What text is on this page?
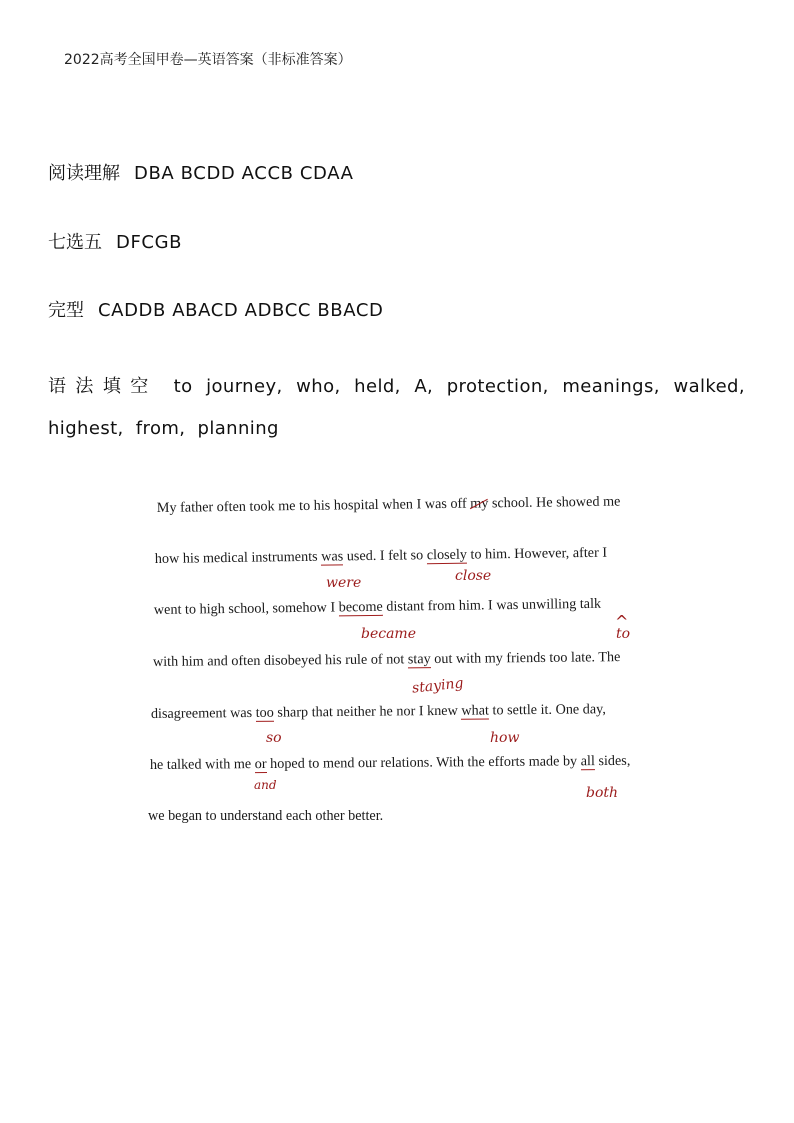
2022高考全国甲卷—英语答案（非标准答案）
阅读理解 DBA BCDD ACCB CDAA
七选五 DFCGB
完型 CADDB ABACD ADBCC BBACD
语法填空 to journey, who, held, A, protection, meanings, walked, highest, from, planning
My father often took me to his hospital when I was off my school. He showed me
how his medical instruments was used. I felt so closely to him. However, after I
were	close
went to high school, somehow I become distant from him. I was unwilling talk
became
^
to
with him and often disobeyed his rule of not stay out with my friends too late. The
staying
disagreement was too sharp that neither he nor I knew what to settle it. One day,
so	how
he talked with me or hoped to mend our relations. With the efforts made by all sides,
and	both
we began to understand each other better.
